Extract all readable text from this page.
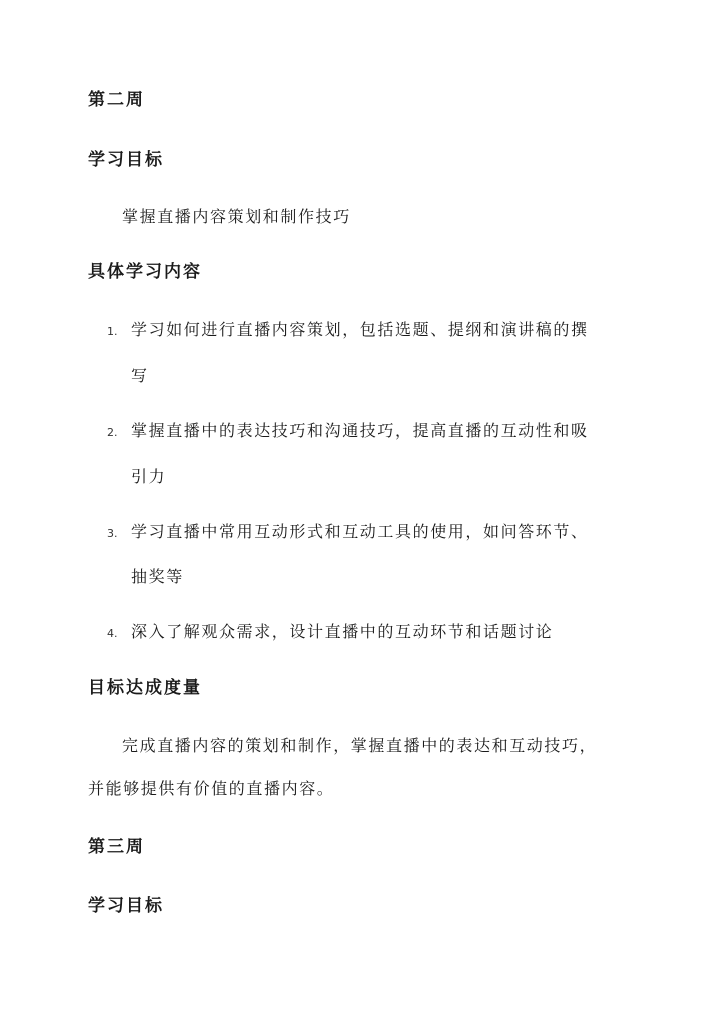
第二周
学习目标
掌握直播内容策划和制作技巧
具体学习内容
1. 学习如何进行直播内容策划，包括选题、提纲和演讲稿的撰
写
2. 掌握直播中的表达技巧和沟通技巧，提高直播的互动性和吸
引力
3. 学习直播中常用互动形式和互动工具的使用，如问答环节、
抽奖等
4. 深入了解观众需求，设计直播中的互动环节和话题讨论
目标达成度量
完成直播内容的策划和制作，掌握直播中的表达和互动技巧，
并能够提供有价值的直播内容。
第三周
学习目标
